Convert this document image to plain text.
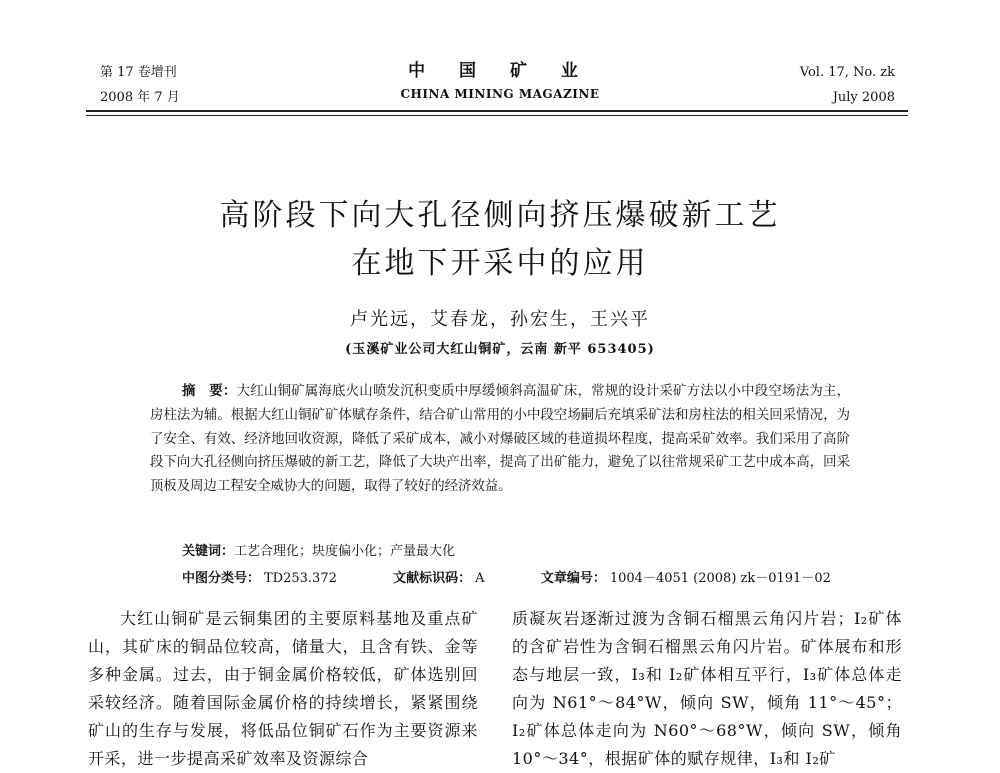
第 17 卷增刊
2008 年 7 月
中 国 矿 业
CHINA MINING MAGAZINE
Vol. 17, No. zk
July 2008
高阶段下向大孔径侧向挤压爆破新工艺
在地下开采中的应用
卢光远，艾春龙，孙宏生，王兴平
(玉溪矿业公司大红山铜矿，云南 新平 653405)
摘　要：大红山铜矿属海底火山喷发沉积变质中厚缓倾斜高温矿床，常规的设计采矿方法以小中段空场法为主，房柱法为辅。根据大红山铜矿矿体赋存条件，结合矿山常用的小中段空场嗣后充填采矿法和房柱法的相关回采情况，为了安全、有效、经济地回收资源，降低了采矿成本，减小对爆破区域的巷道损坏程度，提高采矿效率。我们采用了高阶段下向大孔径侧向挤压爆破的新工艺，降低了大块产出率，提高了出矿能力，避免了以往常规采矿工艺中成本高，回采顶板及周边工程安全威协大的问题，取得了较好的经济效益。
关键词：工艺合理化；块度偏小化；产量最大化
中图分类号： TD253.372	文献标识码： A	文章编号： 1004－4051 (2008) zk－0191－02

大红山铜矿是云铜集团的主要原料基地及重点矿山，其矿床的铜品位较高，储量大，且含有铁、金等多种金属。过去，由于铜金属价格较低，矿体选别回采较经济。随着国际金属价格的持续增长，紧紧围绕矿山的生存与发展，将低品位铜矿石作为主要资源来开采，进一步提高采矿效率及资源综合

质凝灰岩逐渐过渡为含铜石榴黑云角闪片岩；I₂矿体的含矿岩性为含铜石榴黑云角闪片岩。矿体展布和形态与地层一致，I₃和 I₂矿体相互平行，I₃矿体总体走向为 N61°～84°W，倾向 SW，倾角 11°～45°；I₂矿体总体走向为 N60°～68°W，倾向 SW，倾角 10°～34°，根据矿体的赋存规律，I₃和 I₂矿
